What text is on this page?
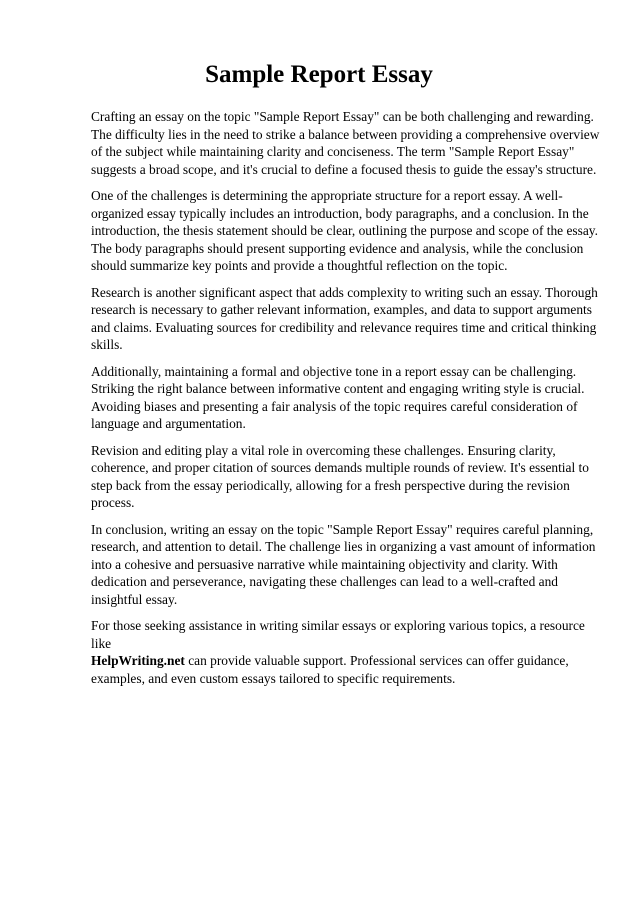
Sample Report Essay

Crafting an essay on the topic "Sample Report Essay" can be both challenging and rewarding.
The difficulty lies in the need to strike a balance between providing a comprehensive overview
of the subject while maintaining clarity and conciseness. The term "Sample Report Essay"
suggests a broad scope, and it's crucial to define a focused thesis to guide the essay's structure.

One of the challenges is determining the appropriate structure for a report essay. A well-
organized essay typically includes an introduction, body paragraphs, and a conclusion. In the
introduction, the thesis statement should be clear, outlining the purpose and scope of the essay.
The body paragraphs should present supporting evidence and analysis, while the conclusion
should summarize key points and provide a thoughtful reflection on the topic.

Research is another significant aspect that adds complexity to writing such an essay. Thorough
research is necessary to gather relevant information, examples, and data to support arguments
and claims. Evaluating sources for credibility and relevance requires time and critical thinking
skills.

Additionally, maintaining a formal and objective tone in a report essay can be challenging.
Striking the right balance between informative content and engaging writing style is crucial.
Avoiding biases and presenting a fair analysis of the topic requires careful consideration of
language and argumentation.

Revision and editing play a vital role in overcoming these challenges. Ensuring clarity,
coherence, and proper citation of sources demands multiple rounds of review. It's essential to
step back from the essay periodically, allowing for a fresh perspective during the revision process.

In conclusion, writing an essay on the topic "Sample Report Essay" requires careful planning,
research, and attention to detail. The challenge lies in organizing a vast amount of information
into a cohesive and persuasive narrative while maintaining objectivity and clarity. With
dedication and perseverance, navigating these challenges can lead to a well-crafted and
insightful essay.

For those seeking assistance in writing similar essays or exploring various topics, a resource like
HelpWriting.net can provide valuable support. Professional services can offer guidance,
examples, and even custom essays tailored to specific requirements.
